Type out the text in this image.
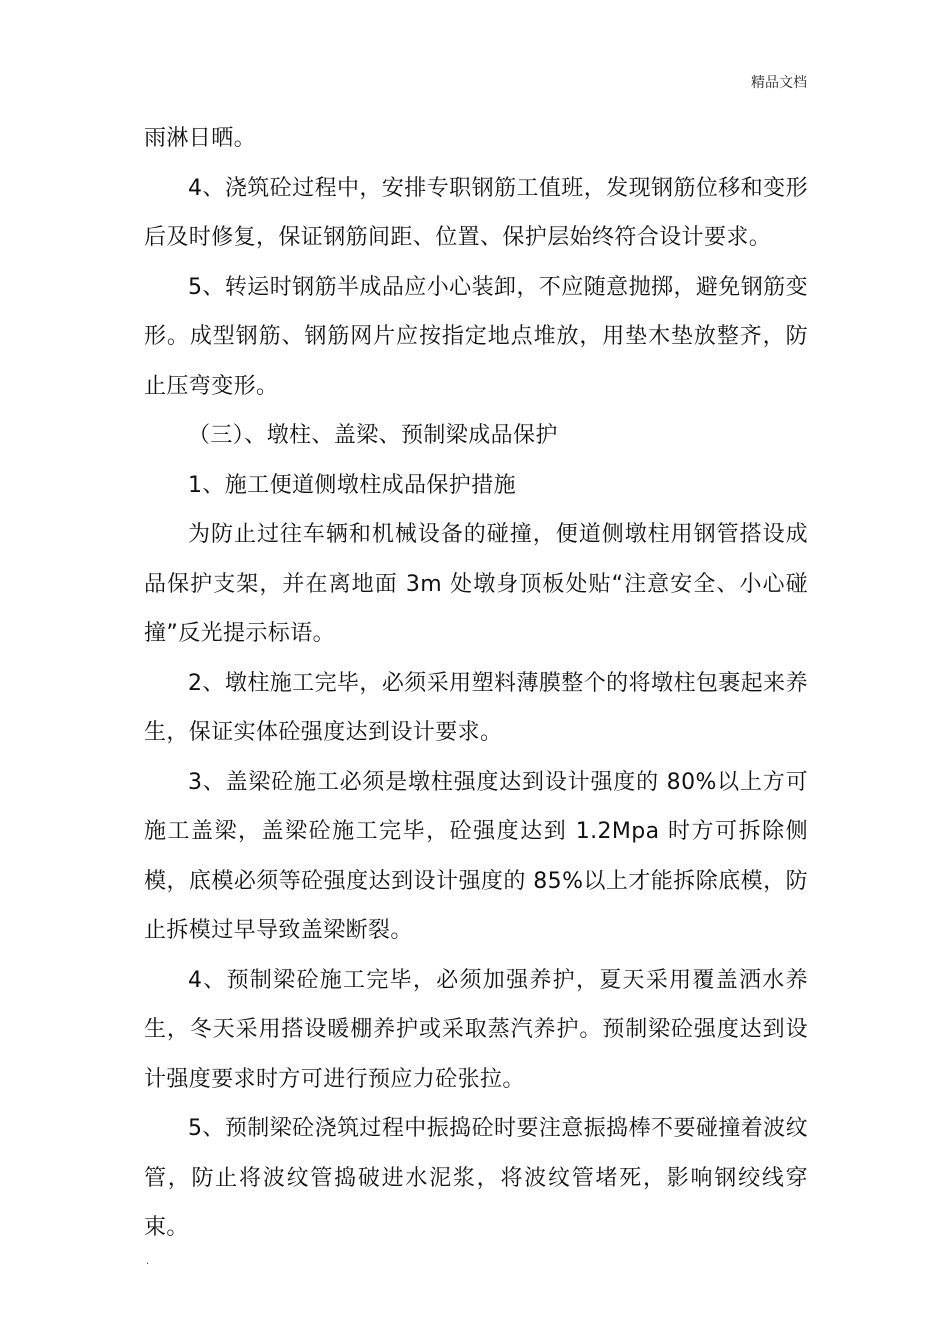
精品文档

雨淋日晒。

4、浇筑砼过程中，安排专职钢筋工值班，发现钢筋位移和变形后及时修复，保证钢筋间距、位置、保护层始终符合设计要求。

5、转运时钢筋半成品应小心装卸，不应随意抛掷，避免钢筋变形。成型钢筋、钢筋网片应按指定地点堆放，用垫木垫放整齐，防止压弯变形。

（三）、墩柱、盖梁、预制梁成品保护

1、施工便道侧墩柱成品保护措施

为防止过往车辆和机械设备的碰撞，便道侧墩柱用钢管搭设成品保护支架，并在离地面 3m 处墩身顶板处贴“注意安全、小心碰撞”反光提示标语。

2、墩柱施工完毕，必须采用塑料薄膜整个的将墩柱包裹起来养生，保证实体砼强度达到设计要求。

3、盖梁砼施工必须是墩柱强度达到设计强度的 80%以上方可施工盖梁，盖梁砼施工完毕，砼强度达到 1.2Mpa 时方可拆除侧模，底模必须等砼强度达到设计强度的 85%以上才能拆除底模，防止拆模过早导致盖梁断裂。

4、预制梁砼施工完毕，必须加强养护，夏天采用覆盖洒水养生，冬天采用搭设暖棚养护或采取蒸汽养护。预制梁砼强度达到设计强度要求时方可进行预应力砼张拉。

5、预制梁砼浇筑过程中振捣砼时要注意振捣棒不要碰撞着波纹管，防止将波纹管捣破进水泥浆，将波纹管堵死，影响钢绞线穿束。

.
